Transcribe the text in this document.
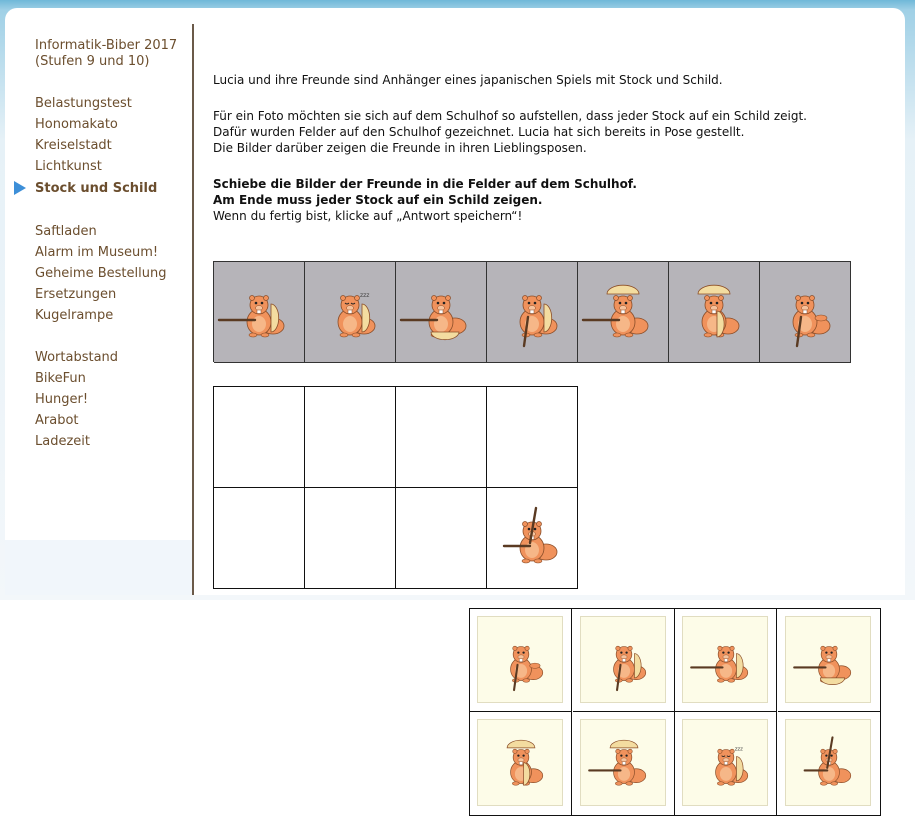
Informatik-Biber 2017 (Stufen 9 und 10)
Belastungstest
Honomakato
Kreiselstadt
Lichtkunst
Stock und Schild
Saftladen
Alarm im Museum!
Geheime Bestellung
Ersetzungen
Kugelrampe
Wortabstand
BikeFun
Hunger!
Arabot
Ladezeit

Lucia und ihre Freunde sind Anhänger eines japanischen Spiels mit Stock und Schild.

Für ein Foto möchten sie sich auf dem Schulhof so aufstellen, dass jeder Stock auf ein Schild zeigt.

Dafür wurden Felder auf den Schulhof gezeichnet. Lucia hat sich bereits in Pose gestellt.

Die Bilder darüber zeigen die Freunde in ihren Lieblingsposen.

Schiebe die Bilder der Freunde in die Felder auf dem Schulhof.

Am Ende muss jeder Stock auf ein Schild zeigen.

Wenn du fertig bist, klicke auf „Antwort speichern“!

zzz
zzz
